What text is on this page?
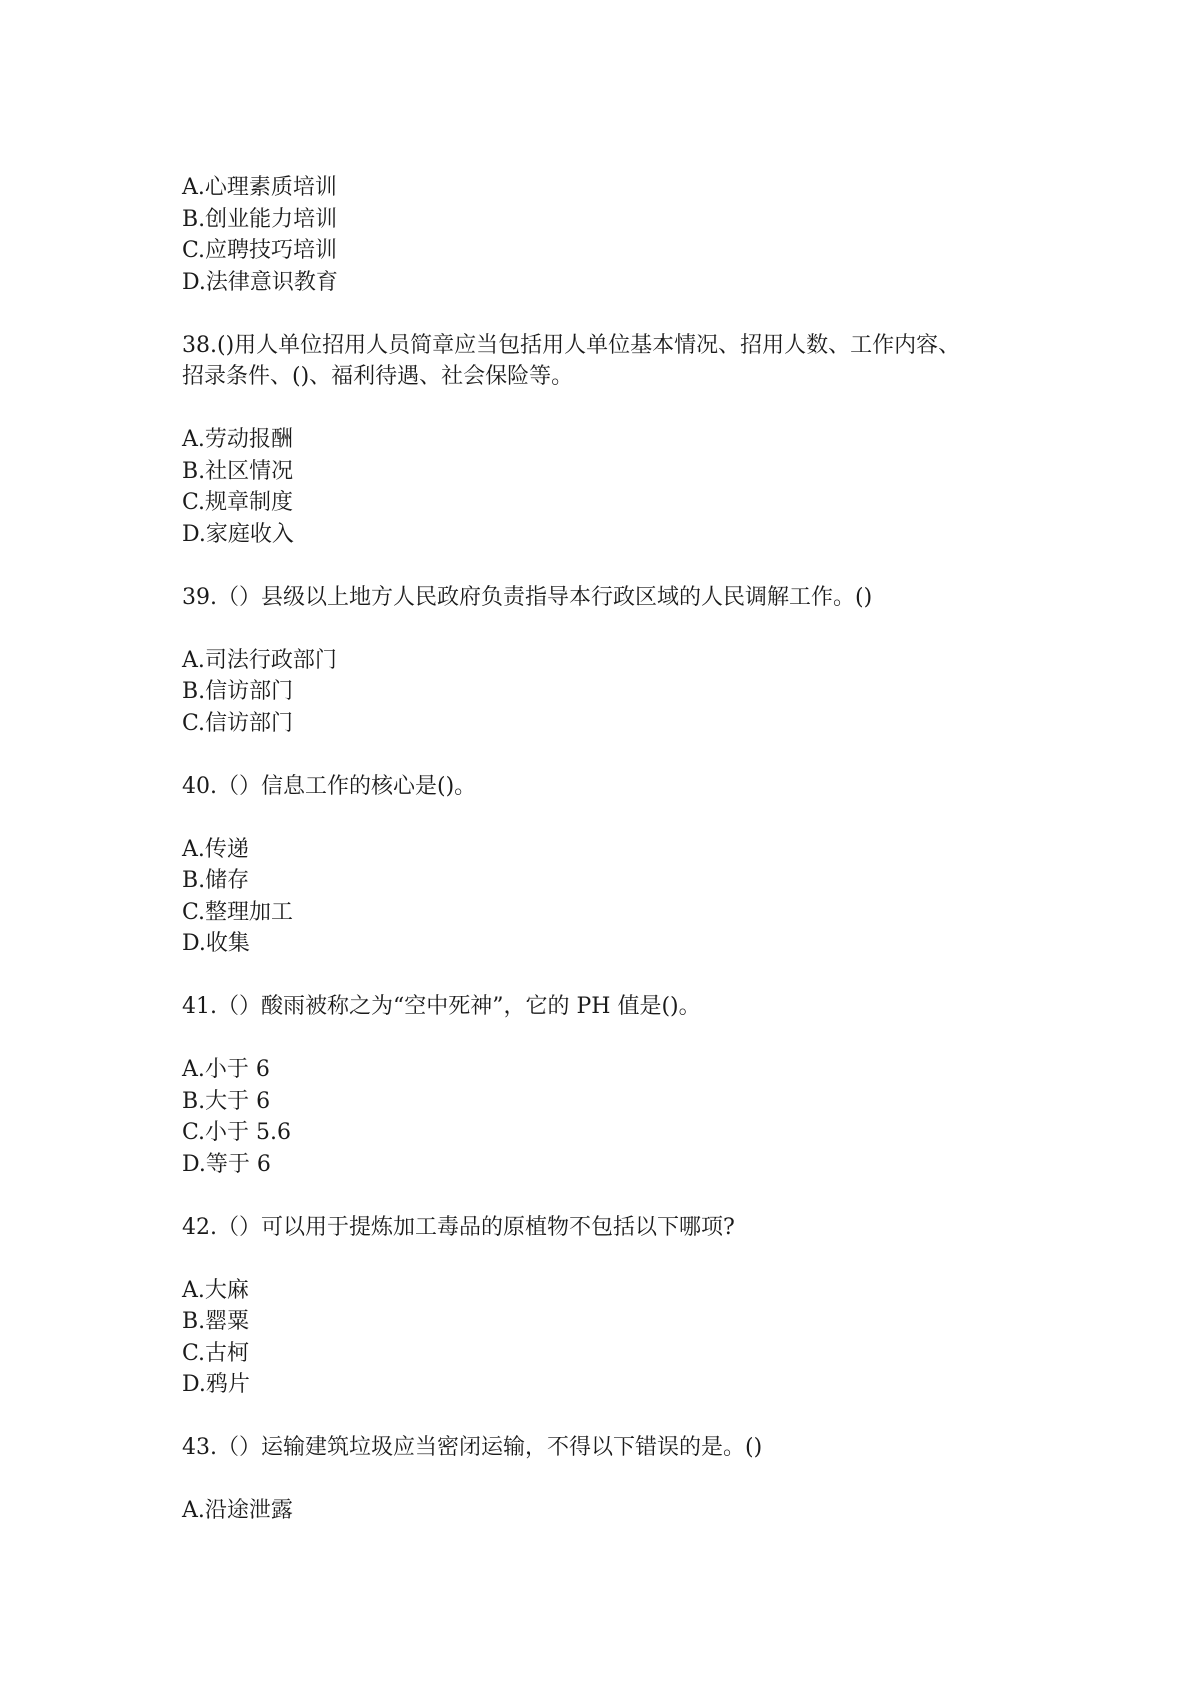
A.心理素质培训
B.创业能力培训
C.应聘技巧培训
D.法律意识教育
38.()用人单位招用人员简章应当包括用人单位基本情况、招用人数、工作内容、
招录条件、()、福利待遇、社会保险等。
A.劳动报酬
B.社区情况
C.规章制度
D.家庭收入
39.（）县级以上地方人民政府负责指导本行政区域的人民调解工作。()
A.司法行政部门
B.信访部门
C.信访部门
40.（）信息工作的核心是()。
A.传递
B.储存
C.整理加工
D.收集
41.（）酸雨被称之为“空中死神”，它的 PH 值是()。
A.小于 6
B.大于 6
C.小于 5.6
D.等于 6
42.（）可以用于提炼加工毒品的原植物不包括以下哪项?
A.大麻
B.罂粟
C.古柯
D.鸦片
43.（）运输建筑垃圾应当密闭运输，不得以下错误的是。()
A.沿途泄露
